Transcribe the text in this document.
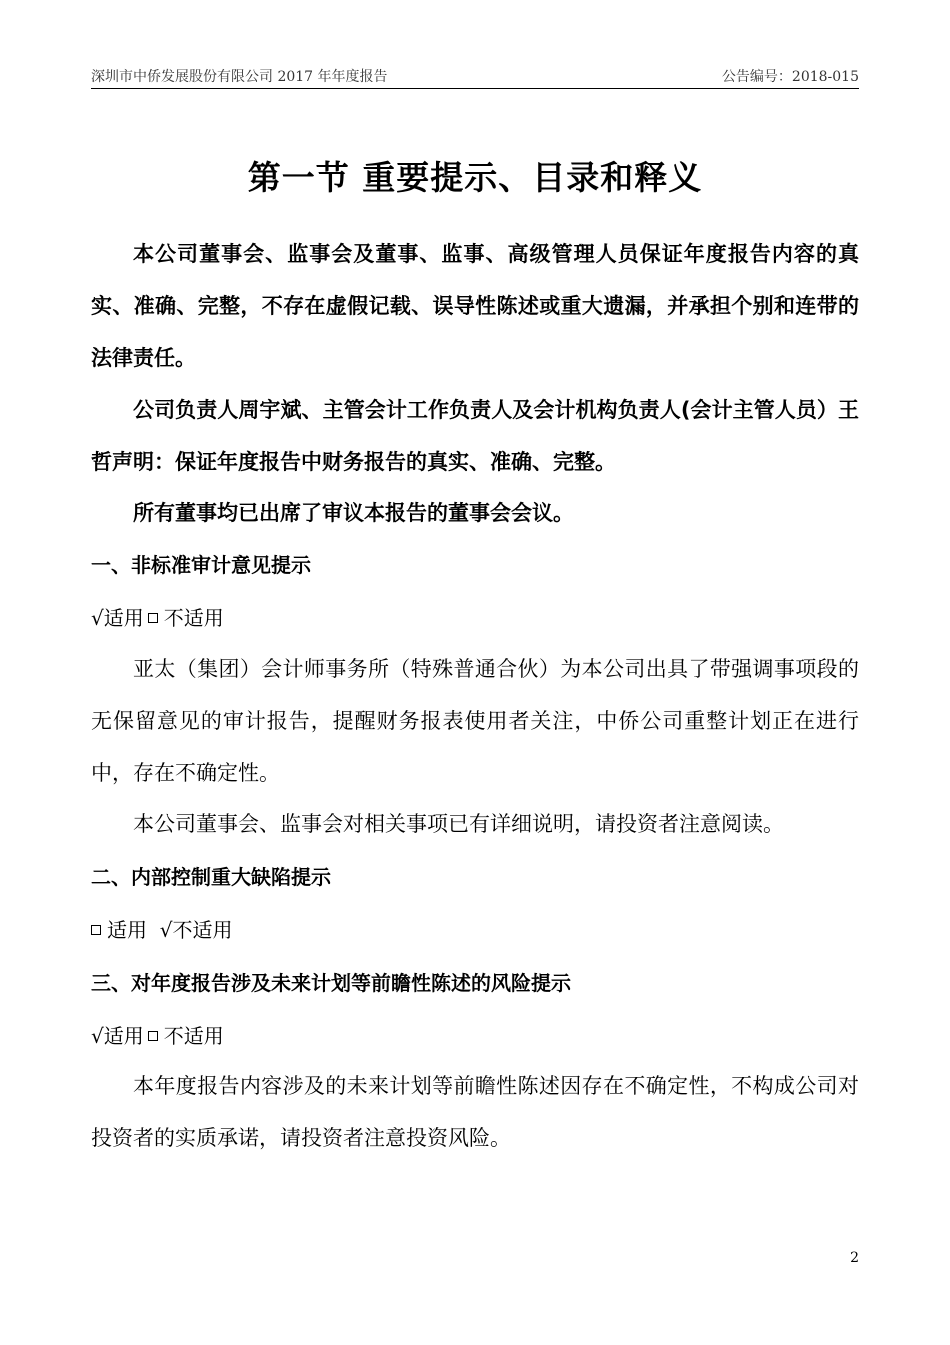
深圳市中侨发展股份有限公司 2017 年年度报告	公告编号：2018-015
第一节 重要提示、目录和释义

本公司董事会、监事会及董事、监事、高级管理人员保证年度报告内容的真实、准确、完整，不存在虚假记载、误导性陈述或重大遗漏，并承担个别和连带的法律责任。

公司负责人周宇斌、主管会计工作负责人及会计机构负责人(会计主管人员）王哲声明：保证年度报告中财务报告的真实、准确、完整。

所有董事均已出席了审议本报告的董事会会议。

一、非标准审计意见提示
√适用 不适用

亚太（集团）会计师事务所（特殊普通合伙）为本公司出具了带强调事项段的无保留意见的审计报告，提醒财务报表使用者关注，中侨公司重整计划正在进行中，存在不确定性。

本公司董事会、监事会对相关事项已有详细说明，请投资者注意阅读。

二、内部控制重大缺陷提示
适用 √不适用
三、对年度报告涉及未来计划等前瞻性陈述的风险提示
√适用 不适用

本年度报告内容涉及的未来计划等前瞻性陈述因存在不确定性，不构成公司对投资者的实质承诺，请投资者注意投资风险。

2
